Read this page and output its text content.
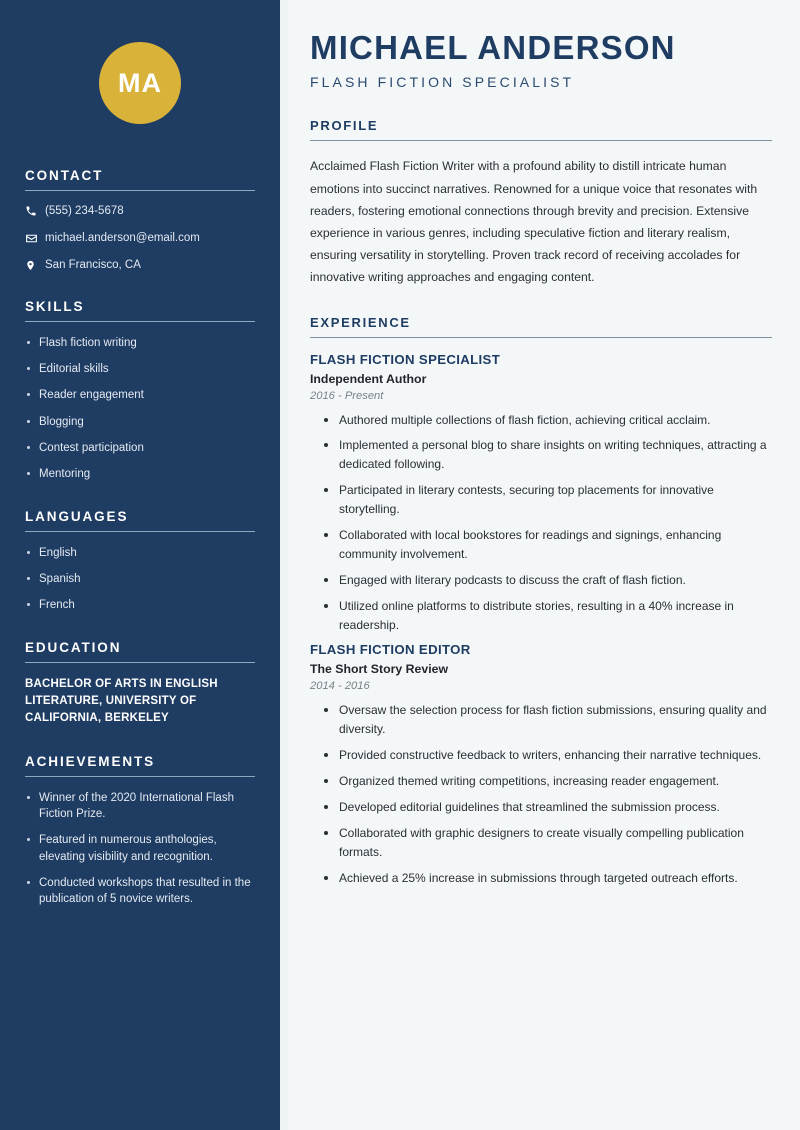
MA
CONTACT
(555) 234-5678
michael.anderson@email.com
San Francisco, CA
SKILLS
Flash fiction writing
Editorial skills
Reader engagement
Blogging
Contest participation
Mentoring
LANGUAGES
English
Spanish
French
EDUCATION
BACHELOR OF ARTS IN ENGLISH LITERATURE, UNIVERSITY OF CALIFORNIA, BERKELEY
ACHIEVEMENTS
Winner of the 2020 International Flash Fiction Prize.
Featured in numerous anthologies, elevating visibility and recognition.
Conducted workshops that resulted in the publication of 5 novice writers.
MICHAEL ANDERSON
FLASH FICTION SPECIALIST
PROFILE

Acclaimed Flash Fiction Writer with a profound ability to distill intricate human emotions into succinct narratives. Renowned for a unique voice that resonates with readers, fostering emotional connections through brevity and precision. Extensive experience in various genres, including speculative fiction and literary realism, ensuring versatility in storytelling. Proven track record of receiving accolades for innovative writing approaches and engaging content.

EXPERIENCE
FLASH FICTION SPECIALIST
Independent Author
2016 - Present
Authored multiple collections of flash fiction, achieving critical acclaim.
Implemented a personal blog to share insights on writing techniques, attracting a dedicated following.
Participated in literary contests, securing top placements for innovative storytelling.
Collaborated with local bookstores for readings and signings, enhancing community involvement.
Engaged with literary podcasts to discuss the craft of flash fiction.
Utilized online platforms to distribute stories, resulting in a 40% increase in readership.
FLASH FICTION EDITOR
The Short Story Review
2014 - 2016
Oversaw the selection process for flash fiction submissions, ensuring quality and diversity.
Provided constructive feedback to writers, enhancing their narrative techniques.
Organized themed writing competitions, increasing reader engagement.
Developed editorial guidelines that streamlined the submission process.
Collaborated with graphic designers to create visually compelling publication formats.
Achieved a 25% increase in submissions through targeted outreach efforts.
